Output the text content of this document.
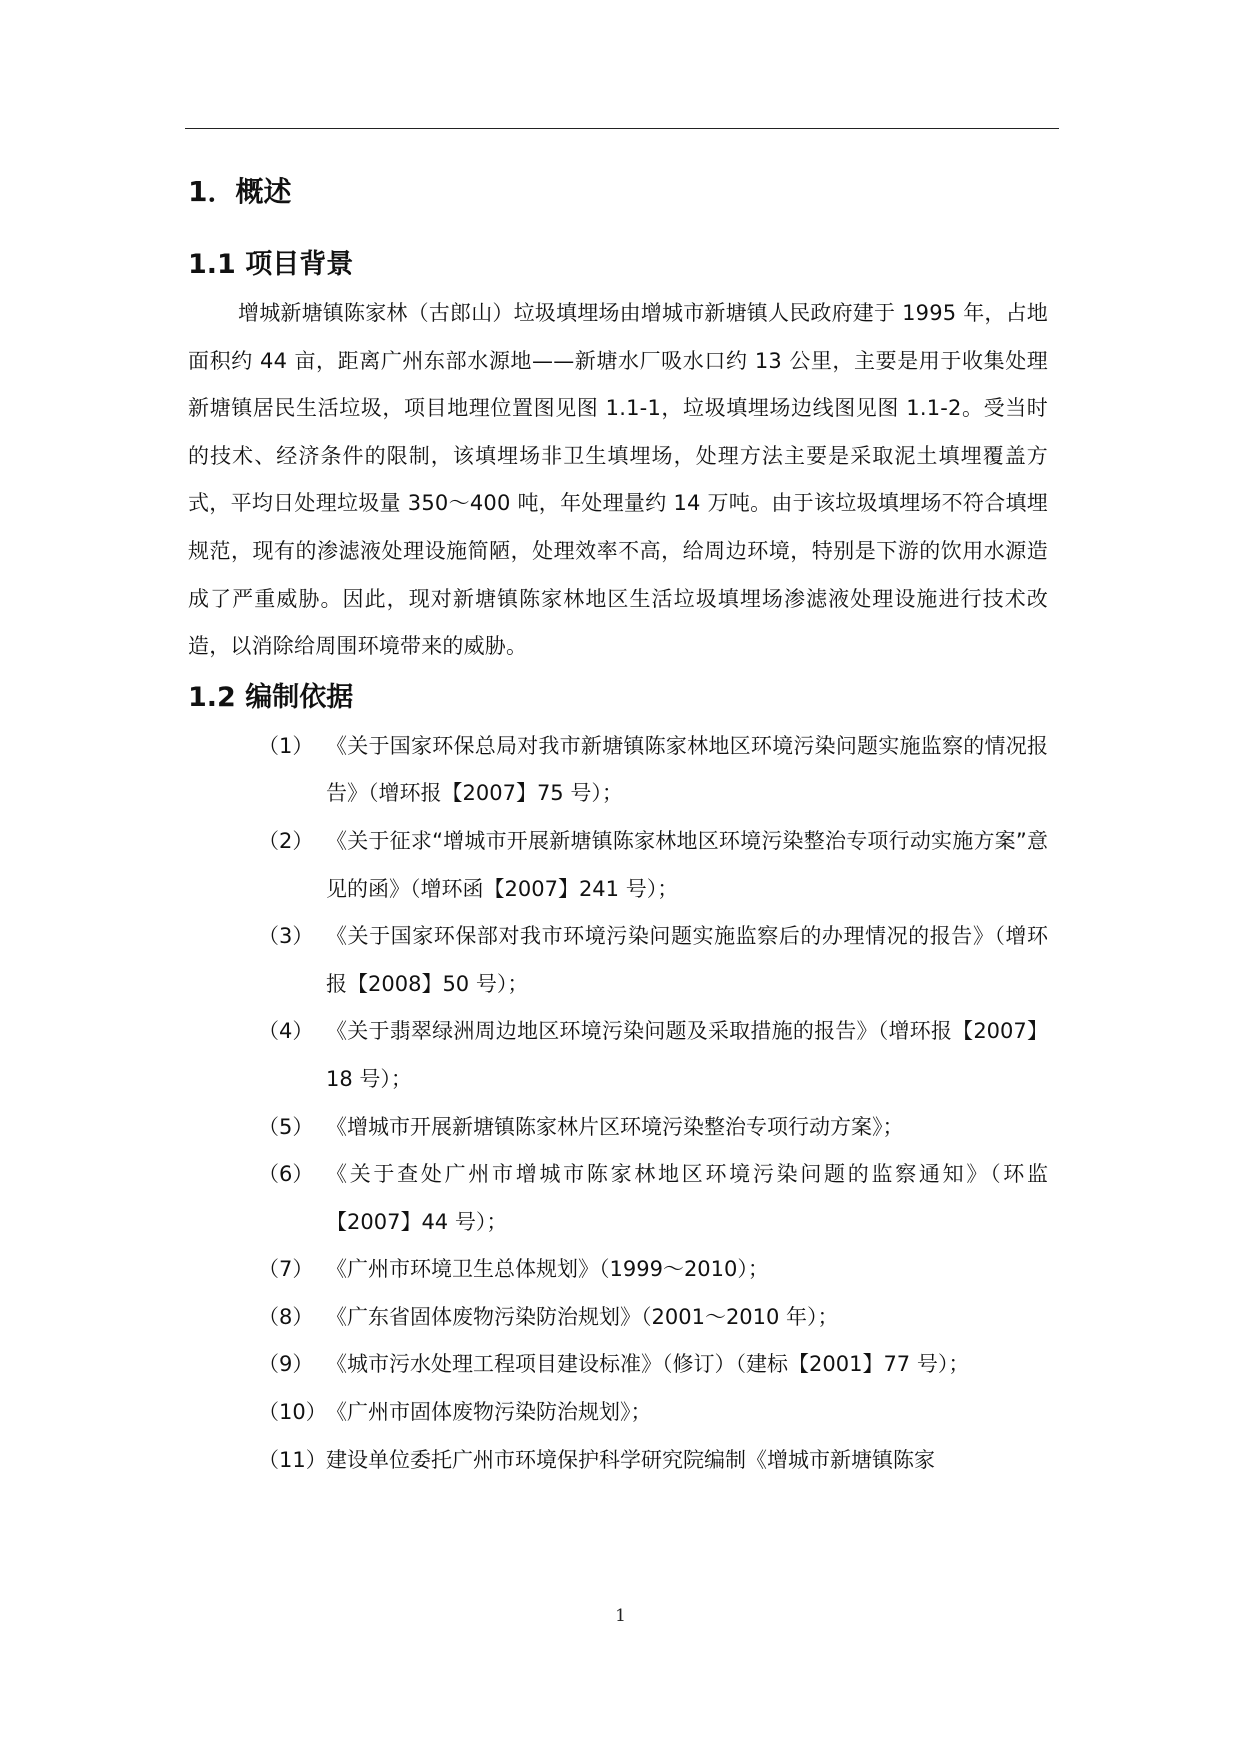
1．概述
1.1 项目背景

增城新塘镇陈家林（古郎山）垃圾填埋场由增城市新塘镇人民政府建于 1995 年，占地面积约 44 亩，距离广州东部水源地——新塘水厂吸水口约 13 公里，主要是用于收集处理新塘镇居民生活垃圾，项目地理位置图见图 1.1-1，垃圾填埋场边线图见图 1.1-2。受当时的技术、经济条件的限制，该填埋场非卫生填埋场，处理方法主要是采取泥土填埋覆盖方式，平均日处理垃圾量 350～400 吨，年处理量约 14 万吨。由于该垃圾填埋场不符合填埋规范，现有的渗滤液处理设施简陋，处理效率不高，给周边环境，特别是下游的饮用水源造成了严重威胁。因此，现对新塘镇陈家林地区生活垃圾填埋场渗滤液处理设施进行技术改造，以消除给周围环境带来的威胁。

1.2 编制依据
（1） 《关于国家环保总局对我市新塘镇陈家林地区环境污染问题实施监察的情况报告》（增环报【2007】75 号）；
（2） 《关于征求“增城市开展新塘镇陈家林地区环境污染整治专项行动实施方案”意见的函》（增环函【2007】241 号）；
（3） 《关于国家环保部对我市环境污染问题实施监察后的办理情况的报告》（增环报【2008】50 号）；
（4） 《关于翡翠绿洲周边地区环境污染问题及采取措施的报告》（增环报【2007】18 号）；
（5） 《增城市开展新塘镇陈家林片区环境污染整治专项行动方案》；
（6） 《关于查处广州市增城市陈家林地区环境污染问题的监察通知》（环监【2007】44 号）；
（7） 《广州市环境卫生总体规划》（1999～2010）；
（8） 《广东省固体废物污染防治规划》（2001～2010 年）；
（9） 《城市污水处理工程项目建设标准》（修订）（建标【2001】77 号）；
（10） 《广州市固体废物污染防治规划》；
（11） 建设单位委托广州市环境保护科学研究院编制《增城市新塘镇陈家
1
